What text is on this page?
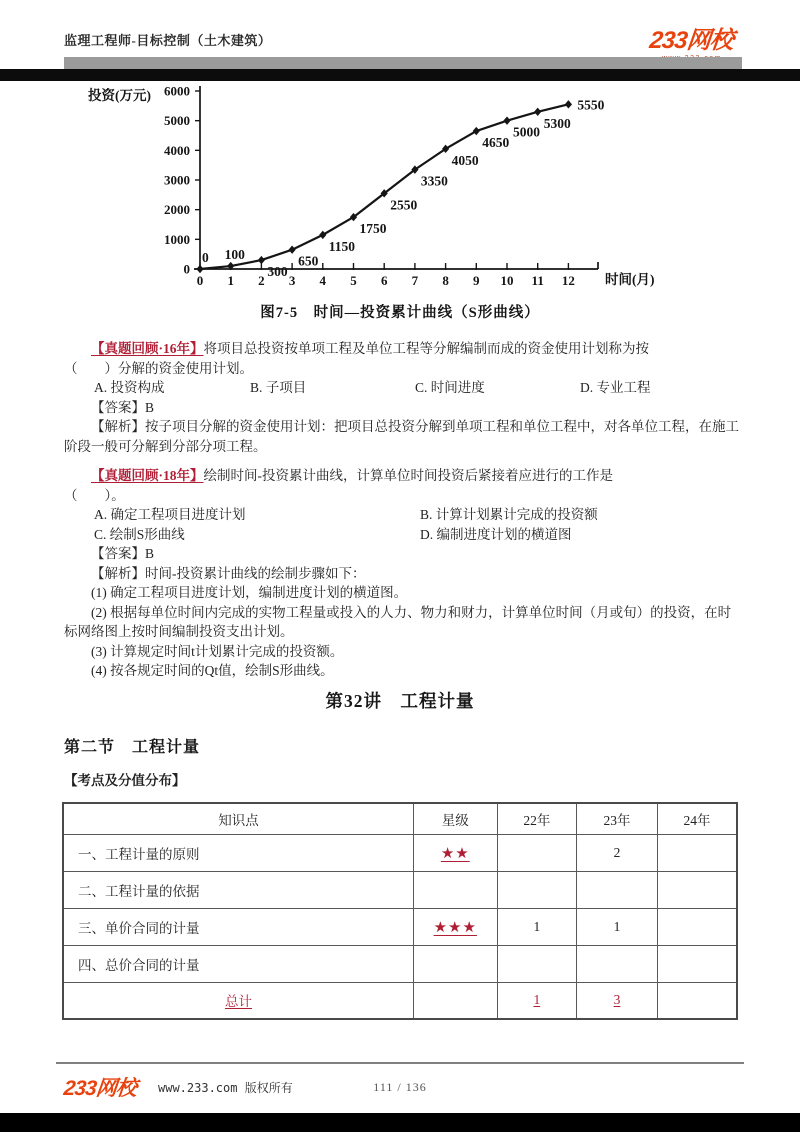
监理工程师-目标控制（土木建筑）	233网校
0
1000
2000
3000
4000
5000
6000
0 1 2 3 4 5 6 7 8 9 10 11 12
投资(万元)
时间(月)
0 100
300
650
1150
1750
2550
3350
4050
4650
5000
5300
5550
图7-5　时间—投资累计曲线（S形曲线）
【真题回顾·16年】将项目总投资按单项工程及单位工程等分解编制而成的资金使用计划称为按
（　　）分解的资金使用计划。
A. 投资构成	B. 子项目	C. 时间进度	D. 专业工程
【答案】B
【解析】按子项目分解的资金使用计划：把项目总投资分解到单项工程和单位工程中，对各单位工程，在施工阶段一般可分解到分部分项工程。
【真题回顾·18年】绘制时间-投资累计曲线，计算单位时间投资后紧接着应进行的工作是
（　　）。
A. 确定工程项目进度计划	B. 计算计划累计完成的投资额
C. 绘制S形曲线	D. 编制进度计划的横道图
【答案】B
【解析】时间-投资累计曲线的绘制步骤如下：
(1) 确定工程项目进度计划，编制进度计划的横道图。
(2) 根据每单位时间内完成的实物工程量或投入的人力、物力和财力，计算单位时间（月或旬）的投资，在时标网络图上按时间编制投资支出计划。
(3) 计算规定时间t计划累计完成的投资额。
(4) 按各规定时间的Qt值，绘制S形曲线。
第32讲　工程计量
第二节　工程计量
【考点及分值分布】
知识点	星级	22年	23年	24年
一、工程计量的原则	★★		2	
二、工程计量的依据				
三、单价合同的计量	★★★	1	1	
四、总价合同的计量				
总计		1	3	
233网校 www.233.com 版权所有	111 / 136
